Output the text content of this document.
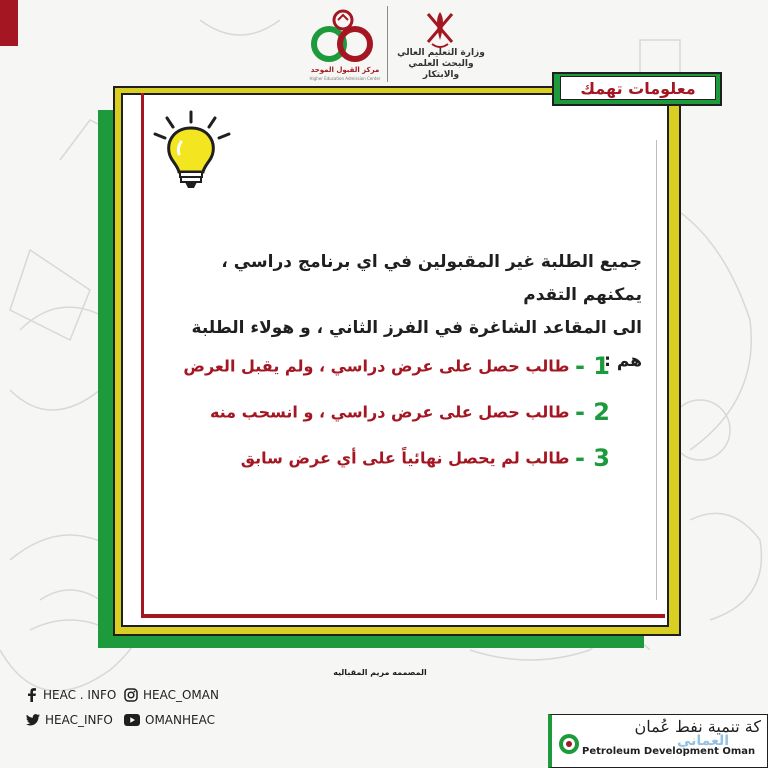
مركز القبول الموحد
Higher Education Admission Center
وزارة التعليم العالي
والبحث العلمي والابتكار
معلومات تهمك
جميع الطلبة غير المقبولين في اي برنامج دراسي ، يمكنهم التقدم
الى المقاعد الشاغرة في الفرز الثاني ، و هولاء الطلبة هم :
1 - طالب حصل على عرض دراسي ، ولم يقبل العرض
2 - طالب حصل على عرض دراسي ، و انسحب منه
3 - طالب لم يحصل نهائياً على أي عرض سابق
المصممه مريم المقباليه
HEAC . INFO HEAC_OMAN
HEAC_INFO	OMANHEAC	كة تنمية نفط عُمان
العماني
Petroleum Development Oman
